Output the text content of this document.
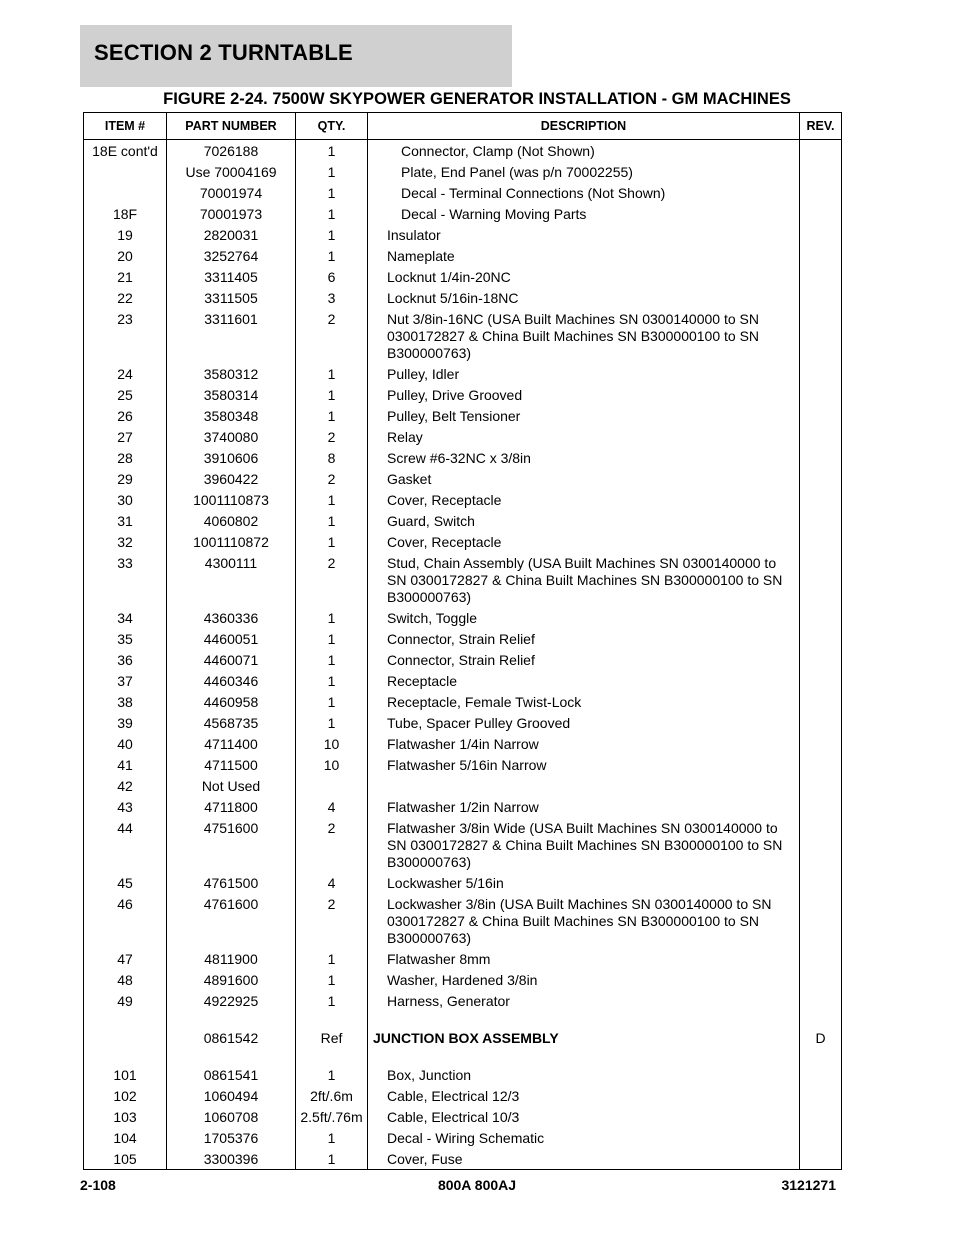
SECTION 2 TURNTABLE
FIGURE 2-24. 7500W SKYPOWER GENERATOR INSTALLATION - GM MACHINES
ITEM #	PART NUMBER	QTY.	DESCRIPTION	REV.
18E cont'd	7026188	1	Connector, Clamp (Not Shown)	
	Use 70004169	1	Plate, End Panel (was p/n 70002255)	
	70001974	1	Decal - Terminal Connections (Not Shown)	
18F	70001973	1	Decal - Warning Moving Parts	
19	2820031	1	Insulator	
20	3252764	1	Nameplate	
21	3311405	6	Locknut 1/4in-20NC	
22	3311505	3	Locknut 5/16in-18NC	
23	3311601	2	Nut 3/8in-16NC (USA Built Machines SN 0300140000 to SN 0300172827 & China Built Machines SN B300000100 to SN B300000763)	
24	3580312	1	Pulley, Idler	
25	3580314	1	Pulley, Drive Grooved	
26	3580348	1	Pulley, Belt Tensioner	
27	3740080	2	Relay	
28	3910606	8	Screw #6-32NC x 3/8in	
29	3960422	2	Gasket	
30	1001110873	1	Cover, Receptacle	
31	4060802	1	Guard, Switch	
32	1001110872	1	Cover, Receptacle	
33	4300111	2	Stud, Chain Assembly (USA Built Machines SN 0300140000 to SN 0300172827 & China Built Machines SN B300000100 to SN B300000763)	
34	4360336	1	Switch, Toggle	
35	4460051	1	Connector, Strain Relief	
36	4460071	1	Connector, Strain Relief	
37	4460346	1	Receptacle	
38	4460958	1	Receptacle, Female Twist-Lock	
39	4568735	1	Tube, Spacer Pulley Grooved	
40	4711400	10	Flatwasher 1/4in Narrow	
41	4711500	10	Flatwasher 5/16in Narrow	
42	Not Used			
43	4711800	4	Flatwasher 1/2in Narrow	
44	4751600	2	Flatwasher 3/8in Wide (USA Built Machines SN 0300140000 to SN 0300172827 & China Built Machines SN B300000100 to SN B300000763)	
45	4761500	4	Lockwasher 5/16in	
46	4761600	2	Lockwasher 3/8in (USA Built Machines SN 0300140000 to SN 0300172827 & China Built Machines SN B300000100 to SN B300000763)	
47	4811900	1	Flatwasher 8mm	
48	4891600	1	Washer, Hardened 3/8in	
49	4922925	1	Harness, Generator	

	0861542	Ref	JUNCTION BOX ASSEMBLY	D

101	0861541	1	Box, Junction	
102	1060494	2ft/.6m	Cable, Electrical 12/3	
103	1060708	2.5ft/.76m	Cable, Electrical 10/3	
104	1705376	1	Decal - Wiring Schematic	
105	3300396	1	Cover, Fuse	
2-108	800A 800AJ	3121271
